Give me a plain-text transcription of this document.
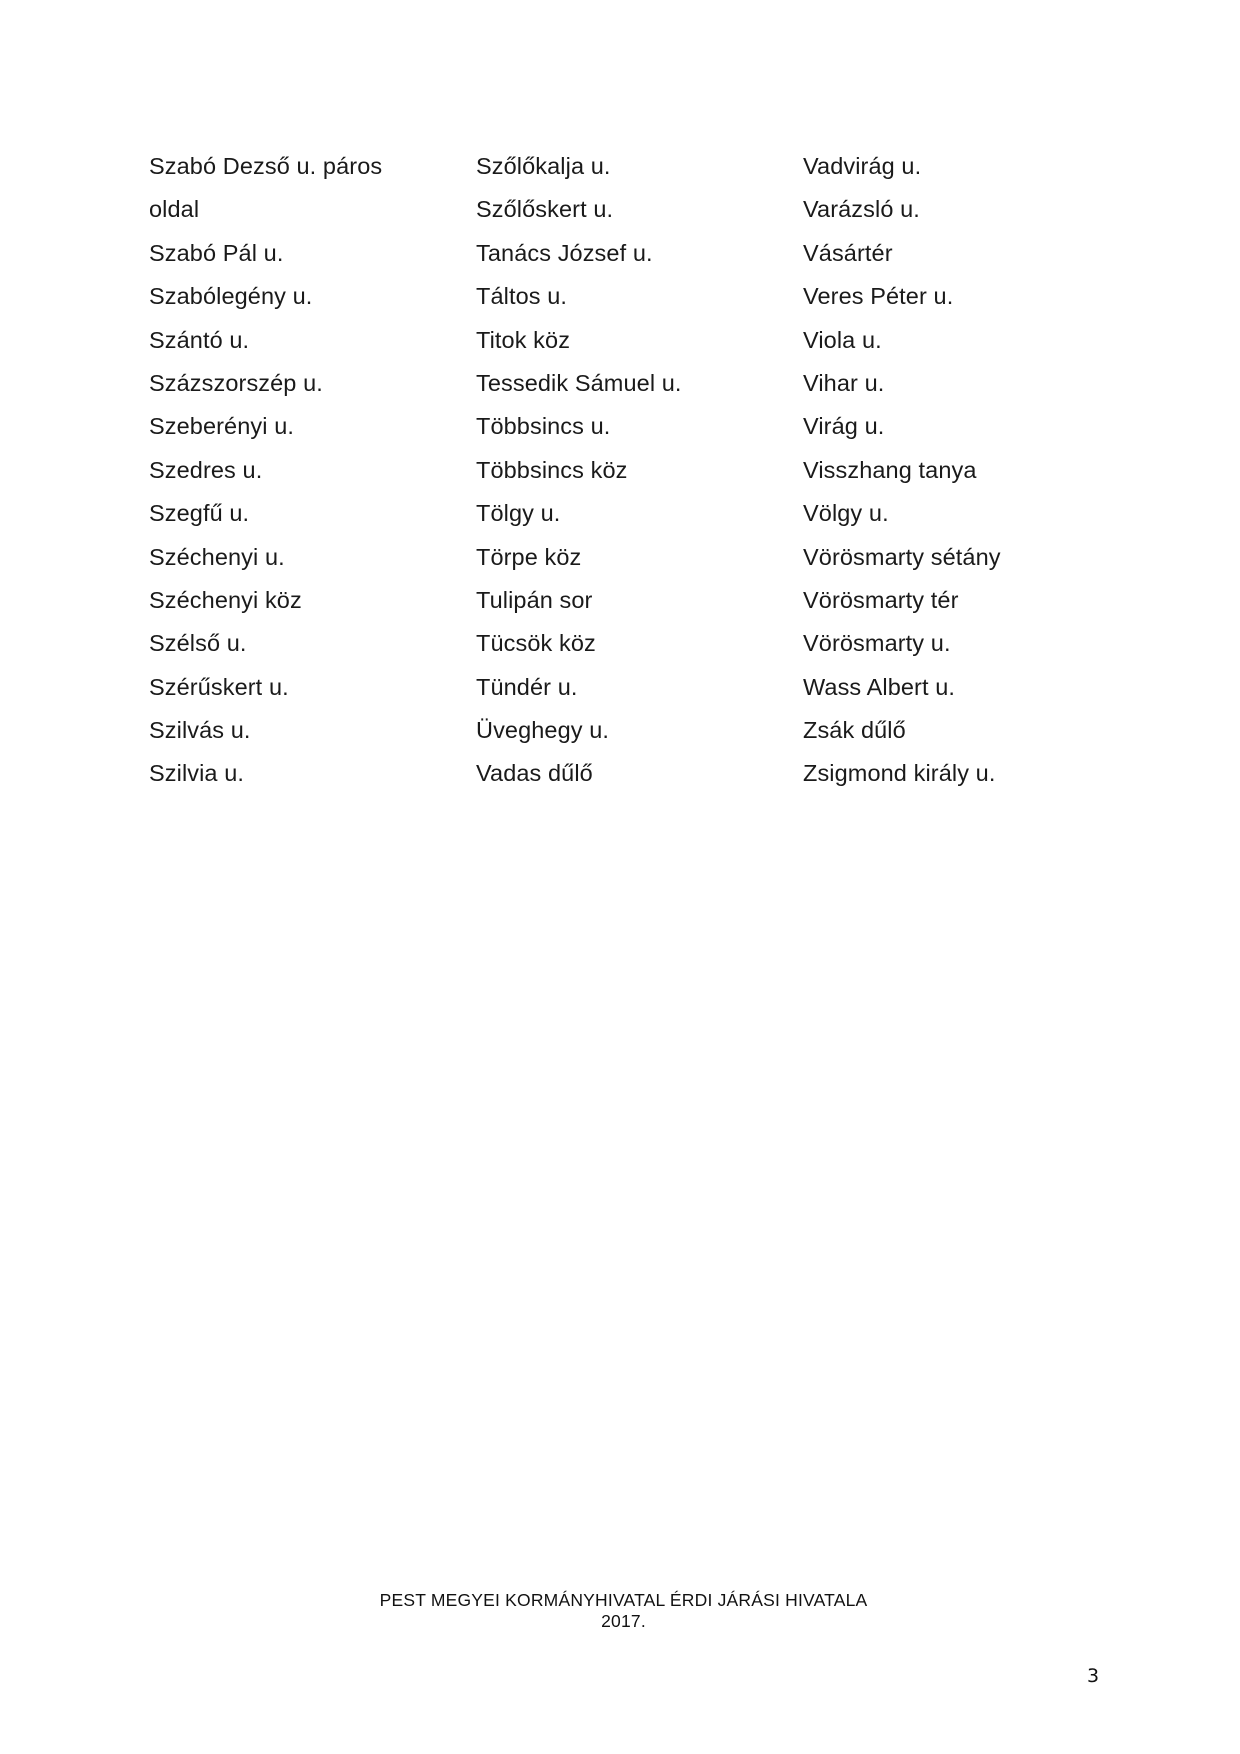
Szabó Dezső u. páros
oldal
Szabó Pál u.
Szabólegény u.
Szántó u.
Százszorszép u.
Szeberényi u.
Szedres u.
Szegfű u.
Széchenyi u.
Széchenyi köz
Szélső u.
Szérűskert u.
Szilvás u.
Szilvia u.
Szőlőkalja u.
Szőlőskert u.
Tanács József u.
Táltos u.
Titok köz
Tessedik Sámuel u.
Többsincs u.
Többsincs köz
Tölgy u.
Törpe köz
Tulipán sor
Tücsök köz
Tündér u.
Üveghegy u.
Vadas dűlő
Vadvirág u.
Varázsló u.
Vásártér
Veres Péter u.
Viola u.
Vihar u.
Virág u.
Visszhang tanya
Völgy u.
Vörösmarty sétány
Vörösmarty tér
Vörösmarty u.
Wass Albert u.
Zsák dűlő
Zsigmond király u.
PEST MEGYEI KORMÁNYHIVATAL ÉRDI JÁRÁSI HIVATALA
2017.
3
